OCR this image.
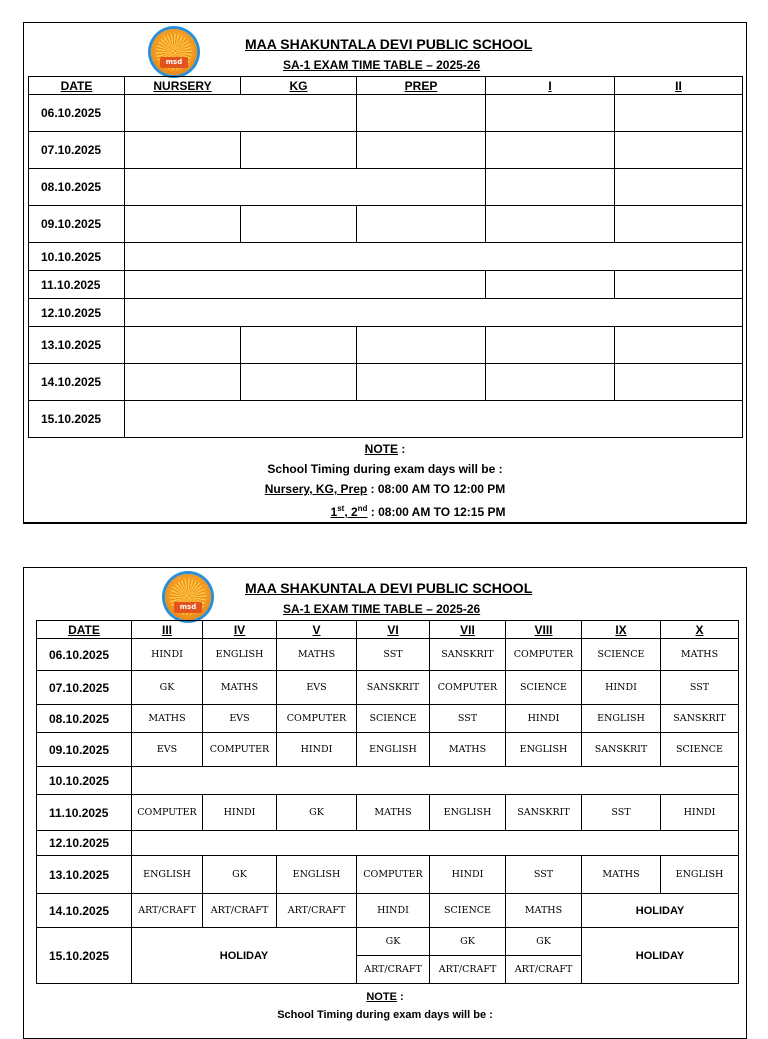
msd
MAA SHAKUNTALA DEVI PUBLIC SCHOOL
SA-1 EXAM TIME TABLE – 2025-26
DATE	NURSERY	KG	PREP	I	II
06.10.2025					
07.10.2025					
08.10.2025					
09.10.2025					
10.10.2025					
11.10.2025					
12.10.2025					
13.10.2025					
14.10.2025					
15.10.2025					
NOTE :
School Timing during exam days will be :
Nursery, KG, Prep : 08:00 AM TO 12:00 PM
1st, 2nd : 08:00 AM TO 12:15 PM
msd
MAA SHAKUNTALA DEVI PUBLIC SCHOOL
SA-1 EXAM TIME TABLE – 2025-26
DATE	III	IV	V	VI	VII	VIII	IX	X
06.10.2025	HINDI	ENGLISH	MATHS	SST	SANSKRIT	COMPUTER	SCIENCE	MATHS
07.10.2025	GK	MATHS	EVS	SANSKRIT	COMPUTER	SCIENCE	HINDI	SST
08.10.2025	MATHS	EVS	COMPUTER	SCIENCE	SST	HINDI	ENGLISH	SANSKRIT
09.10.2025	EVS	COMPUTER	HINDI	ENGLISH	MATHS	ENGLISH	SANSKRIT	SCIENCE
10.10.2025								
11.10.2025	COMPUTER	HINDI	GK	MATHS	ENGLISH	SANSKRIT	SST	HINDI
12.10.2025								
13.10.2025	ENGLISH	GK	ENGLISH	COMPUTER	HINDI	SST	MATHS	ENGLISH
14.10.2025	ART/CRAFT	ART/CRAFT	ART/CRAFT	HINDI	SCIENCE	MATHS	HOLIDAY	
15.10.2025	HOLIDAY			GK	GK	GK	HOLIDAY	
				ART/CRAFT	ART/CRAFT	ART/CRAFT		
NOTE :
School Timing during exam days will be :
